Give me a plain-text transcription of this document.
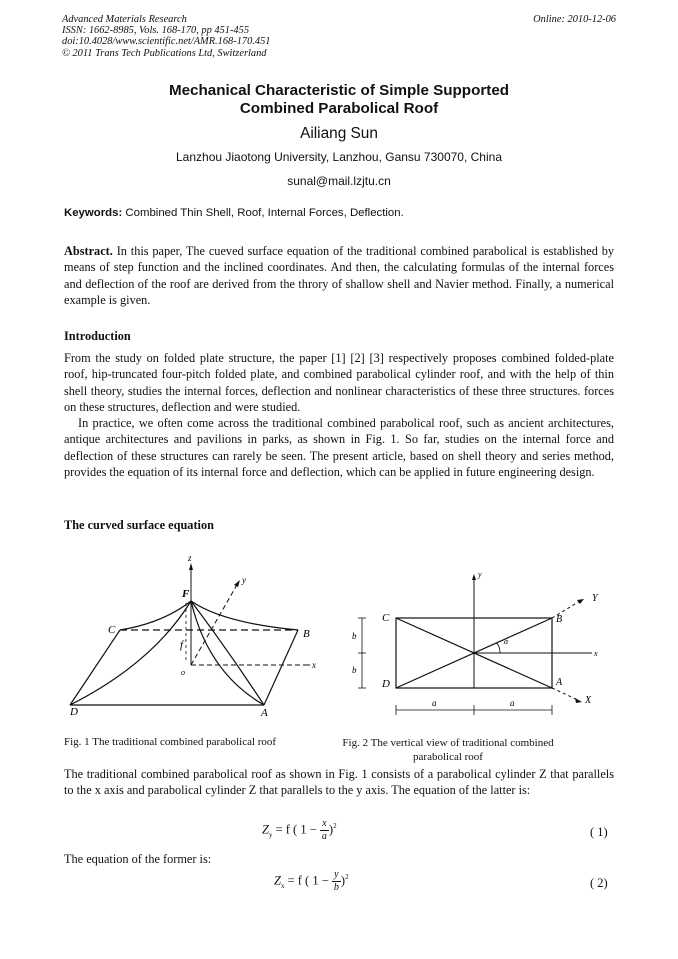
Advanced Materials Research
ISSN: 1662-8985, Vols. 168-170, pp 451-455
doi:10.4028/www.scientific.net/AMR.168-170.451
© 2011 Trans Tech Publications Ltd, Switzerland
Online: 2010-12-06
Mechanical Characteristic of Simple Supported
Combined Parabolical Roof
Ailiang Sun
Lanzhou Jiaotong University, Lanzhou, Gansu 730070, China
sunal@mail.lzjtu.cn
Keywords: Combined Thin Shell, Roof, Internal Forces, Deflection.
Abstract. In this paper, The cueved surface equation of the traditional combined parabolical is established by means of step function and the inclined coordinates. And then, the calculating formulas of the internal forces and deflection of the roof are derived from the throry of shallow shell and Navier method. Finally, a numerical example is given.
Introduction
From the study on folded plate structure, the paper [1] [2] [3] respectively proposes combined folded-plate roof, hip-truncated four-pitch folded plate, and combined parabolical cylinder roof, and with the help of thin shell theory, studies the internal forces, deflection and nonlinear characteristics of these three structures. forces on these structures, deflection and were studied.
In practice, we often come across the traditional combined parabolical roof, such as ancient architectures, antique architectures and pavilions in parks, as shown in Fig. 1. So far, studies on the internal force and deflection of these structures can rarely be seen. The present article, based on shell theory and series method, provides the equation of its internal force and deflection, which can be applied in future engineering design.
The curved surface equation
z
y
x
F
C	B
f
o
D	A
y
Y
C	B
b
b
α
x
D	A
X
a	a
Fig. 1 The traditional combined parabolical roof	Fig. 2 The vertical view of traditional combined
parabolical roof
The traditional combined parabolical roof as shown in Fig. 1 consists of a parabolical cylinder Z that parallels to the x axis and parabolical cylinder Z that parallels to the y axis. The equation of the latter is:
$Z_y = f$ ( $1 - \frac{x}{a} )^2$	( 1)
The equation of the former is:
$Z_x = f$ ( $1 - \frac{y}{b} )^2$	( 2)
